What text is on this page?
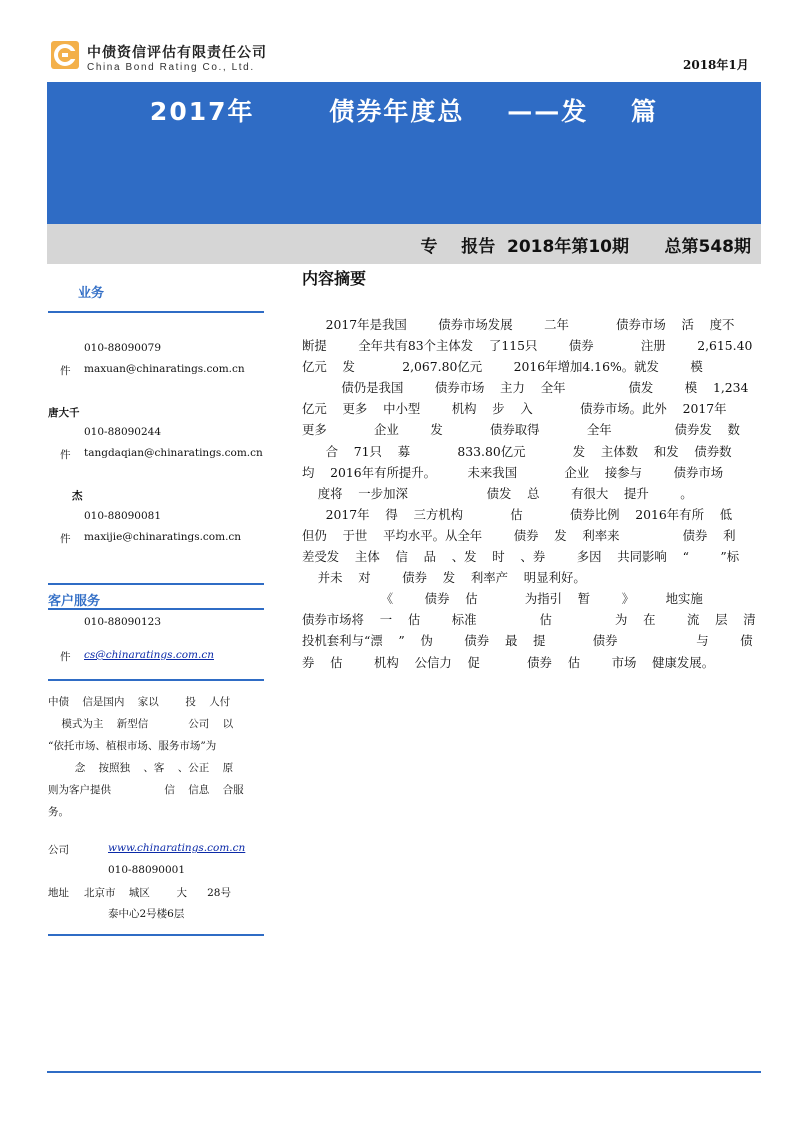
中债资信评估有限责任公司
China Bond Rating Co., Ltd.	2018年1月
2017年       债券年度总    ——发    篇
专    报告  2018年第10期      总第548期
业务
010-88090079
件 maxuan@chinaratings.com.cn
唐大千
010-88090244
件 tangdaqian@chinaratings.com.cn
杰
010-88090081
件 maxijie@chinaratings.com.cn
客户服务
010-88090123
件 cs@chinaratings.com.cn
中债    信是国内    家以        投    人付
模式为主    新型信            公司    以
“依托市场、植根市场、服务市场”为
念    按照独    、客    、公正    原
则为客户提供                信    信息    合服
务。
公司	www.chinaratings.com.cn
010-88090001
地址 北京市    城区        大      28号
泰中心2号楼6层
内容摘要
2017年是我国        债券市场发展        二年            债券市场    活    度不
断提        全年共有83个主体发    了115只        债券            注册        2,615.40
亿元    发            2,067.80亿元        2016年增加4.16%。就发        模
债仍是我国        债券市场    主力    全年                债发        模    1,234
亿元    更多    中小型        机构    步    入            债券市场。此外    2017年
更多            企业        发            债券取得            全年                债券发    数
合    71只    募            833.80亿元            发    主体数    和发    债券数
均    2016年有所提升。        未来我国            企业    接参与        债券市场
度将    一步加深                    债发    总        有很大    提升        。
2017年    得    三方机构            估            债券比例    2016年有所    低
但仍    于世    平均水平。从全年        债券    发    利率来                债券    利
差受发    主体    信    品    、发    时    、券        多因    共同影响    “        ”标
并未    对        债券    发    利率产    明显利好。
《        债券    估            为指引    暂        》        地实施
债券市场将    一    估        标准                估                为    在        流    层    清
投机套利与“漂    ”    伪        债券    最    提            债券                    与        债
券    估        机构    公信力    促            债券    估        市场    健康发展。
